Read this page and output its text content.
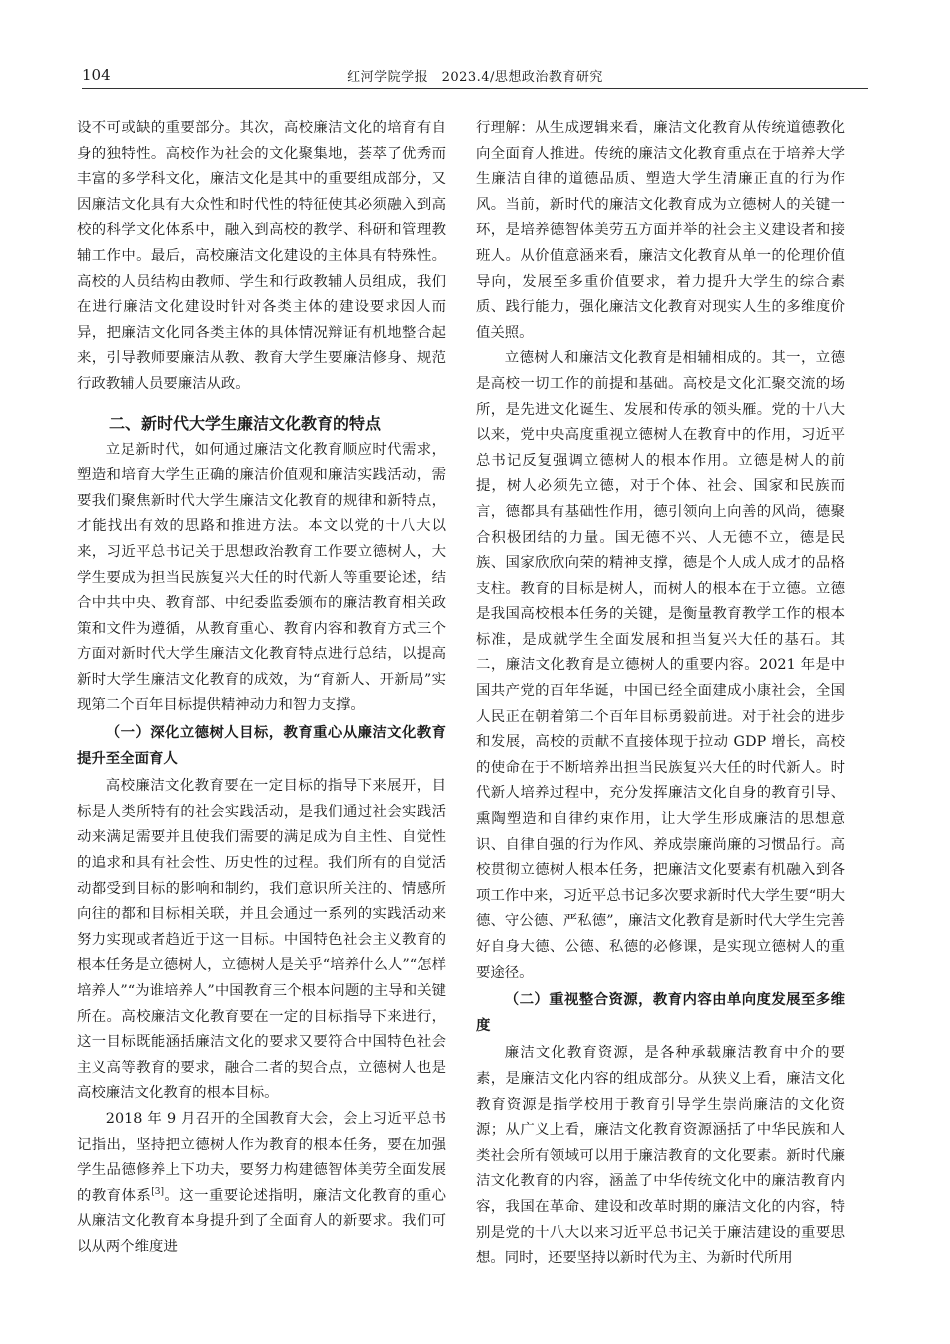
104	红河学院学报　2023.4/思想政治教育研究

设不可或缺的重要部分。其次，高校廉洁文化的培育有自身的独特性。高校作为社会的文化聚集地，荟萃了优秀而丰富的多学科文化，廉洁文化是其中的重要组成部分，又因廉洁文化具有大众性和时代性的特征使其必须融入到高校的科学文化体系中，融入到高校的教学、科研和管理教辅工作中。最后，高校廉洁文化建设的主体具有特殊性。高校的人员结构由教师、学生和行政教辅人员组成，我们在进行廉洁文化建设时针对各类主体的建设要求因人而异，把廉洁文化同各类主体的具体情况辩证有机地整合起来，引导教师要廉洁从教、教育大学生要廉洁修身、规范行政教辅人员要廉洁从政。

二、新时代大学生廉洁文化教育的特点

立足新时代，如何通过廉洁文化教育顺应时代需求，塑造和培育大学生正确的廉洁价值观和廉洁实践活动，需要我们聚焦新时代大学生廉洁文化教育的规律和新特点，才能找出有效的思路和推进方法。本文以党的十八大以来，习近平总书记关于思想政治教育工作要立德树人，大学生要成为担当民族复兴大任的时代新人等重要论述，结合中共中央、教育部、中纪委监委颁布的廉洁教育相关政策和文件为遵循，从教育重心、教育内容和教育方式三个方面对新时代大学生廉洁文化教育特点进行总结，以提高新时大学生廉洁文化教育的成效，为“育新人、开新局”实现第二个百年目标提供精神动力和智力支撑。

（一）深化立德树人目标，教育重心从廉洁文化教育提升至全面育人

高校廉洁文化教育要在一定目标的指导下来展开，目标是人类所特有的社会实践活动，是我们通过社会实践活动来满足需要并且使我们需要的满足成为自主性、自觉性的追求和具有社会性、历史性的过程。我们所有的自觉活动都受到目标的影响和制约，我们意识所关注的、情感所向往的都和目标相关联，并且会通过一系列的实践活动来努力实现或者趋近于这一目标。中国特色社会主义教育的根本任务是立德树人，立德树人是关乎“培养什么人”“怎样培养人”“为谁培养人”中国教育三个根本问题的主导和关键所在。高校廉洁文化教育要在一定的目标指导下来进行，这一目标既能涵括廉洁文化的要求又要符合中国特色社会主义高等教育的要求，融合二者的契合点，立德树人也是高校廉洁文化教育的根本目标。

2018 年 9 月召开的全国教育大会，会上习近平总书记指出，坚持把立德树人作为教育的根本任务，要在加强学生品德修养上下功夫，要努力构建德智体美劳全面发展的教育体系[3]。这一重要论述指明，廉洁文化教育的重心从廉洁文化教育本身提升到了全面育人的新要求。我们可以从两个维度进

行理解：从生成逻辑来看，廉洁文化教育从传统道德教化向全面育人推进。传统的廉洁文化教育重点在于培养大学生廉洁自律的道德品质、塑造大学生清廉正直的行为作风。当前，新时代的廉洁文化教育成为立德树人的关键一环，是培养德智体美劳五方面并举的社会主义建设者和接班人。从价值意涵来看，廉洁文化教育从单一的伦理价值导向，发展至多重价值要求，着力提升大学生的综合素质、践行能力，强化廉洁文化教育对现实人生的多维度价值关照。

立德树人和廉洁文化教育是相辅相成的。其一，立德是高校一切工作的前提和基础。高校是文化汇聚交流的场所，是先进文化诞生、发展和传承的领头雁。党的十八大以来，党中央高度重视立德树人在教育中的作用，习近平总书记反复强调立德树人的根本作用。立德是树人的前提，树人必须先立德，对于个体、社会、国家和民族而言，德都具有基础性作用，德引领向上向善的风尚，德聚合积极团结的力量。国无德不兴、人无德不立，德是民族、国家欣欣向荣的精神支撑，德是个人成人成才的品格支柱。教育的目标是树人，而树人的根本在于立德。立德是我国高校根本任务的关键，是衡量教育教学工作的根本标准，是成就学生全面发展和担当复兴大任的基石。其二，廉洁文化教育是立德树人的重要内容。2021 年是中国共产党的百年华诞，中国已经全面建成小康社会，全国人民正在朝着第二个百年目标勇毅前进。对于社会的进步和发展，高校的贡献不直接体现于拉动 GDP 增长，高校的使命在于不断培养出担当民族复兴大任的时代新人。时代新人培养过程中，充分发挥廉洁文化自身的教育引导、熏陶塑造和自律约束作用，让大学生形成廉洁的思想意识、自律自强的行为作风、养成崇廉尚廉的习惯品行。高校贯彻立德树人根本任务，把廉洁文化要素有机融入到各项工作中来，习近平总书记多次要求新时代大学生要“明大德、守公德、严私德”，廉洁文化教育是新时代大学生完善好自身大德、公德、私德的必修课，是实现立德树人的重要途径。

（二）重视整合资源，教育内容由单向度发展至多维度

廉洁文化教育资源，是各种承载廉洁教育中介的要素，是廉洁文化内容的组成部分。从狭义上看，廉洁文化教育资源是指学校用于教育引导学生崇尚廉洁的文化资源；从广义上看，廉洁文化教育资源涵括了中华民族和人类社会所有领域可以用于廉洁教育的文化要素。新时代廉洁文化教育的内容，涵盖了中华传统文化中的廉洁教育内容，我国在革命、建设和改革时期的廉洁文化的内容，特别是党的十八大以来习近平总书记关于廉洁建设的重要思想。同时，还要坚持以新时代为主、为新时代所用
